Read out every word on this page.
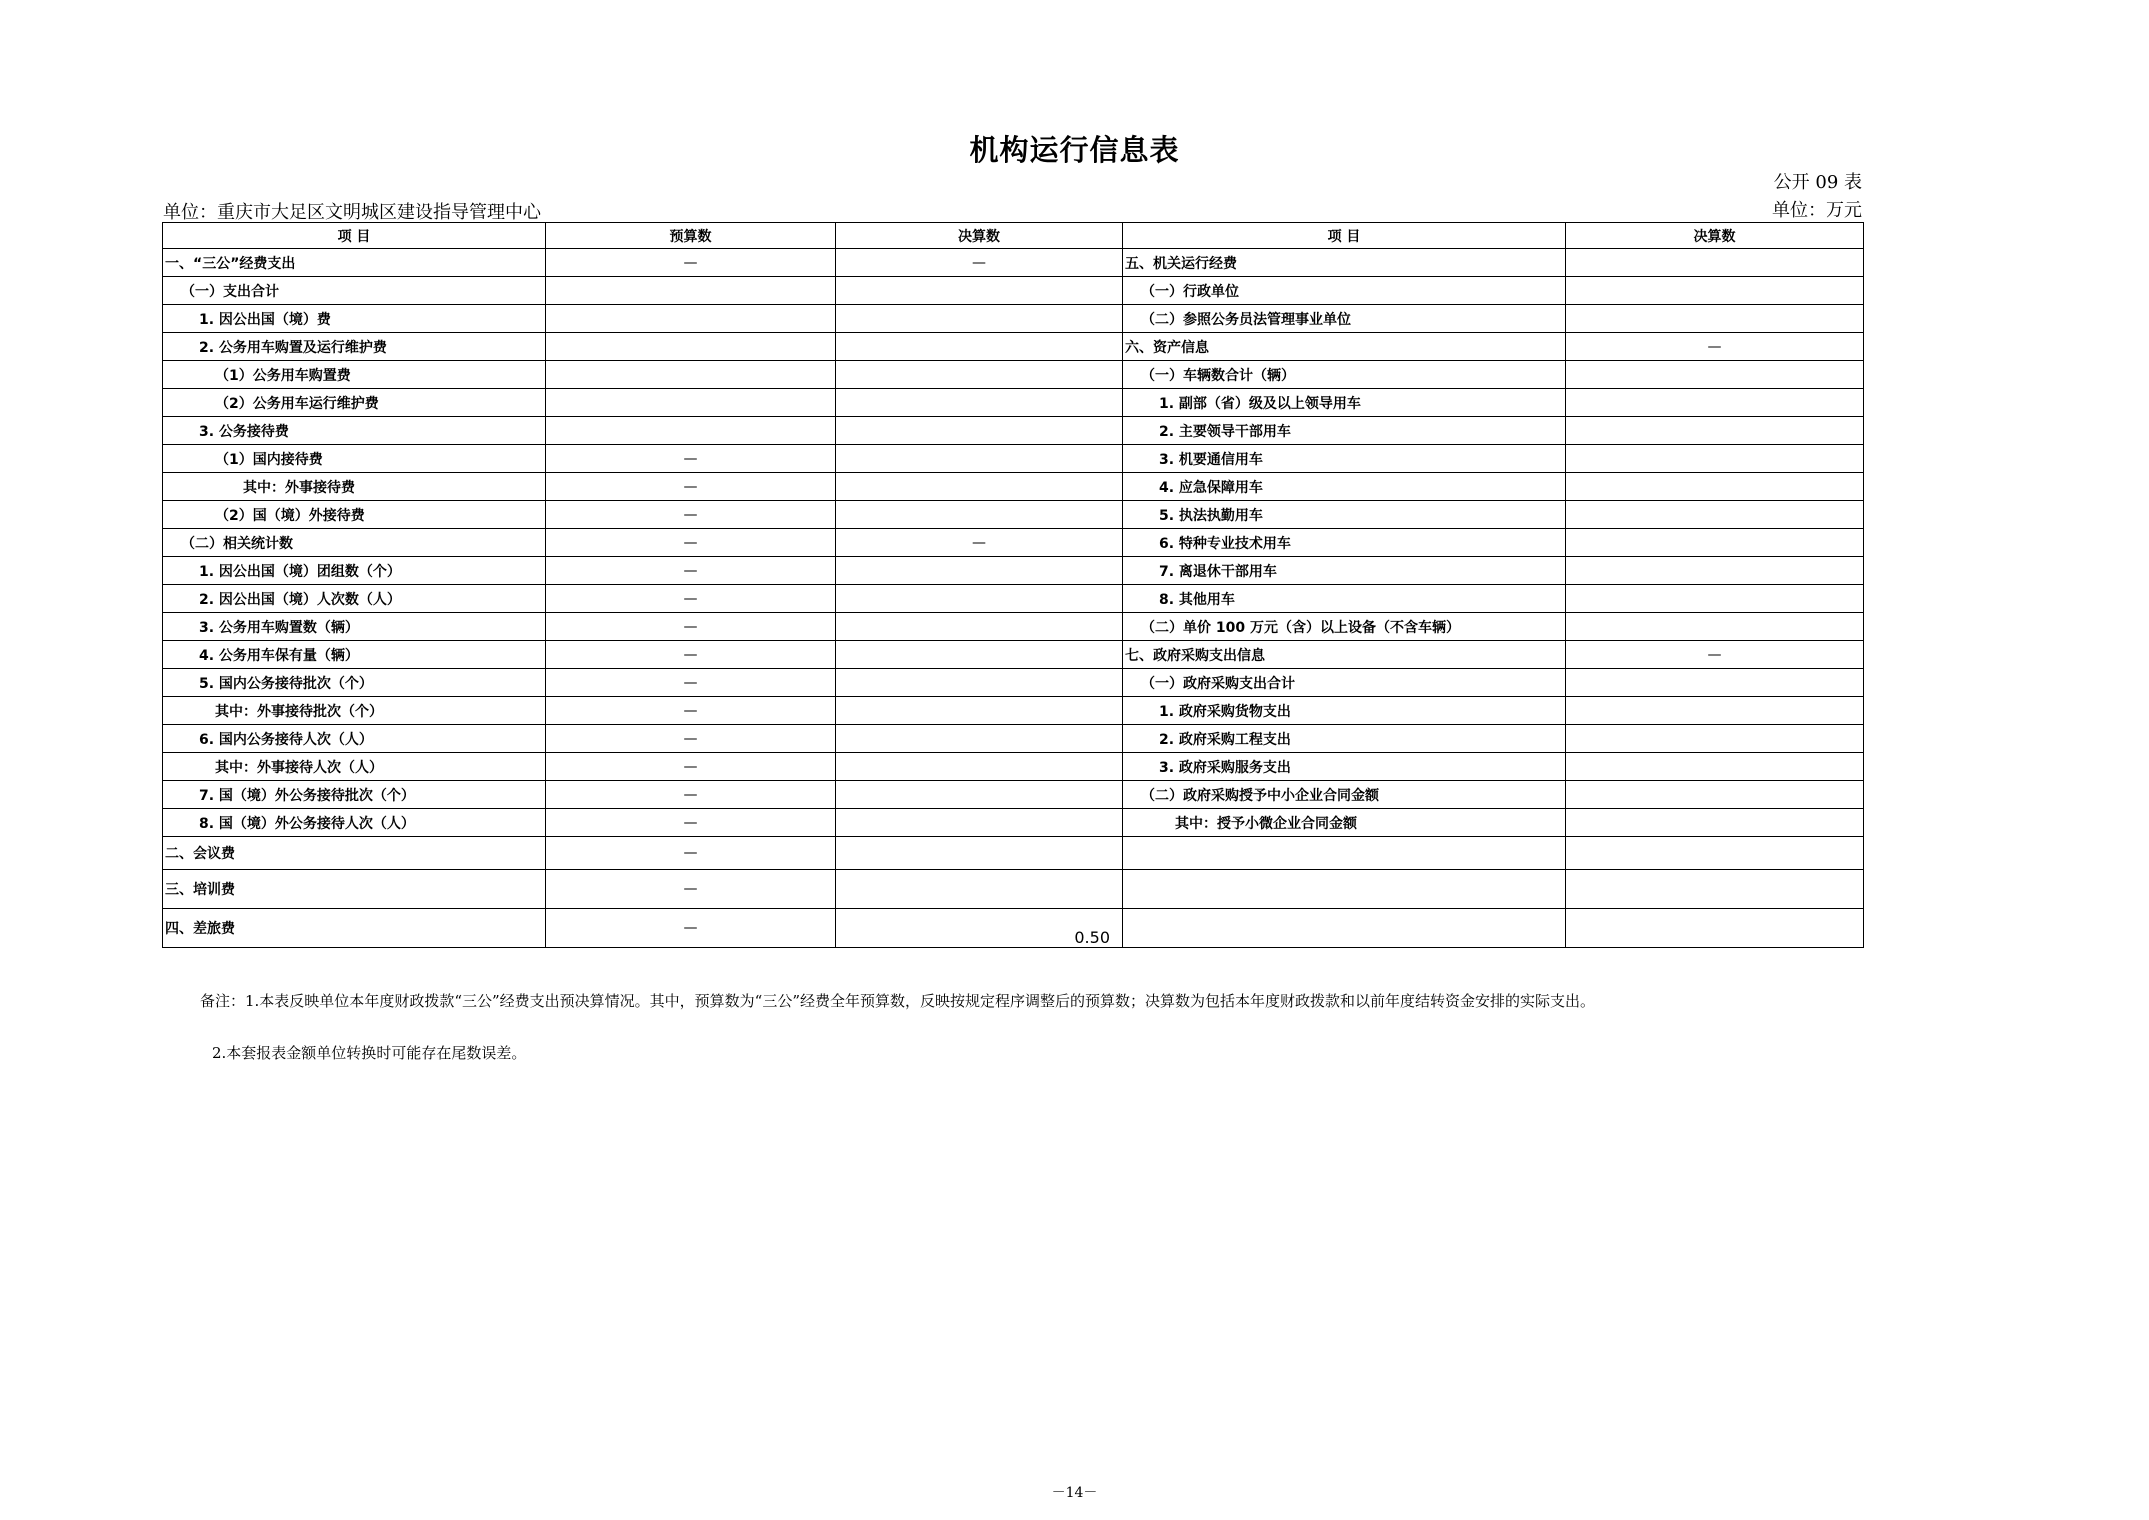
机构运行信息表
公开 09 表
单位：重庆市大足区文明城区建设指导管理中心	单位：万元
项 目	预算数	决算数	项 目	决算数
一、“三公”经费支出	—	—	五、机关运行经费	
（一）支出合计			（一）行政单位	
1. 因公出国（境）费			（二）参照公务员法管理事业单位	
2. 公务用车购置及运行维护费			六、资产信息	—
（1）公务用车购置费			（一）车辆数合计（辆）	
（2）公务用车运行维护费			1. 副部（省）级及以上领导用车	
3. 公务接待费			2. 主要领导干部用车	
（1）国内接待费	—		3. 机要通信用车	
其中：外事接待费	—		4. 应急保障用车	
（2）国（境）外接待费	—		5. 执法执勤用车	
（二）相关统计数	—	—	6. 特种专业技术用车	
1. 因公出国（境）团组数（个）	—		7. 离退休干部用车	
2. 因公出国（境）人次数（人）	—		8. 其他用车	
3. 公务用车购置数（辆）	—		（二）单价 100 万元（含）以上设备（不含车辆）	
4. 公务用车保有量（辆）	—		七、政府采购支出信息	—
5. 国内公务接待批次（个）	—		（一）政府采购支出合计	
其中：外事接待批次（个）	—		1. 政府采购货物支出	
6. 国内公务接待人次（人）	—		2. 政府采购工程支出	
其中：外事接待人次（人）	—		3. 政府采购服务支出	
7. 国（境）外公务接待批次（个）	—		（二）政府采购授予中小企业合同金额	
8. 国（境）外公务接待人次（人）	—		其中：授予小微企业合同金额	
二、会议费	—			
三、培训费	—			
四、差旅费	—	0.50		
备注：1.本表反映单位本年度财政拨款“三公”经费支出预决算情况。其中，预算数为“三公”经费全年预算数，反映按规定程序调整后的预算数；决算数为包括本年度财政拨款和以前年度结转资金安排的实际支出。
2.本套报表金额单位转换时可能存在尾数误差。
－14－
